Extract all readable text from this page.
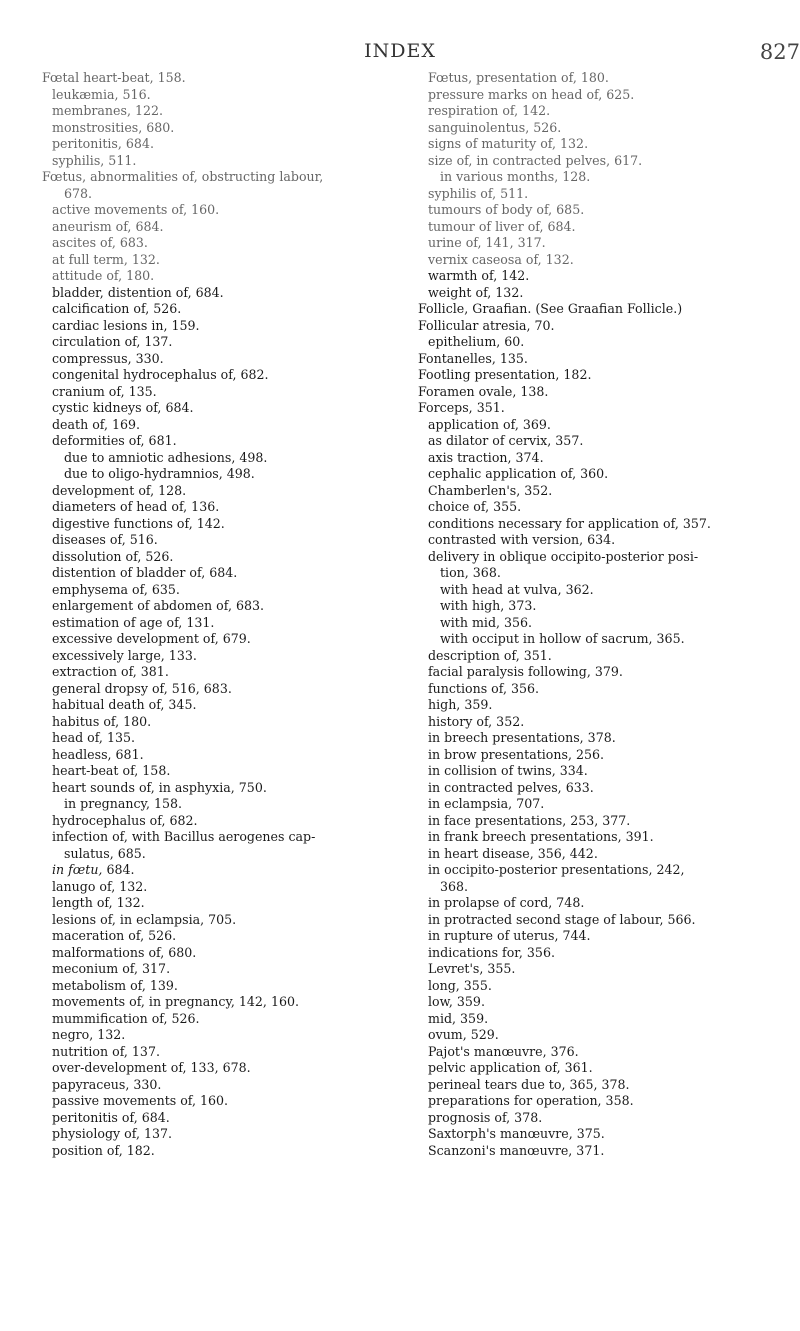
INDEX	827
Fœtal heart-beat, 158.
leukæmia, 516.
membranes, 122.
monstrosities, 680.
peritonitis, 684.
syphilis, 511.
Fœtus, abnormalities of, obstructing labour,
678.
active movements of, 160.
aneurism of, 684.
ascites of, 683.
at full term, 132.
attitude of, 180.
bladder, distention of, 684.
calcification of, 526.
cardiac lesions in, 159.
circulation of, 137.
compressus, 330.
congenital hydrocephalus of, 682.
cranium of, 135.
cystic kidneys of, 684.
death of, 169.
deformities of, 681.
due to amniotic adhesions, 498.
due to oligo-hydramnios, 498.
development of, 128.
diameters of head of, 136.
digestive functions of, 142.
diseases of, 516.
dissolution of, 526.
distention of bladder of, 684.
emphysema of, 635.
enlargement of abdomen of, 683.
estimation of age of, 131.
excessive development of, 679.
excessively large, 133.
extraction of, 381.
general dropsy of, 516, 683.
habitual death of, 345.
habitus of, 180.
head of, 135.
headless, 681.
heart-beat of, 158.
heart sounds of, in asphyxia, 750.
in pregnancy, 158.
hydrocephalus of, 682.
infection of, with Bacillus aerogenes cap-
sulatus, 685.
in fœtu, 684.
lanugo of, 132.
length of, 132.
lesions of, in eclampsia, 705.
maceration of, 526.
malformations of, 680.
meconium of, 317.
metabolism of, 139.
movements of, in pregnancy, 142, 160.
mummification of, 526.
negro, 132.
nutrition of, 137.
over-development of, 133, 678.
papyraceus, 330.
passive movements of, 160.
peritonitis of, 684.
physiology of, 137.
position of, 182.
Fœtus, presentation of, 180.
pressure marks on head of, 625.
respiration of, 142.
sanguinolentus, 526.
signs of maturity of, 132.
size of, in contracted pelves, 617.
in various months, 128.
syphilis of, 511.
tumours of body of, 685.
tumour of liver of, 684.
urine of, 141, 317.
vernix caseosa of, 132.
warmth of, 142.
weight of, 132.
Follicle, Graafian. (See Graafian Follicle.)
Follicular atresia, 70.
epithelium, 60.
Fontanelles, 135.
Footling presentation, 182.
Foramen ovale, 138.
Forceps, 351.
application of, 369.
as dilator of cervix, 357.
axis traction, 374.
cephalic application of, 360.
Chamberlen's, 352.
choice of, 355.
conditions necessary for application of, 357.
contrasted with version, 634.
delivery in oblique occipito-posterior posi-
tion, 368.
with head at vulva, 362.
with high, 373.
with mid, 356.
with occiput in hollow of sacrum, 365.
description of, 351.
facial paralysis following, 379.
functions of, 356.
high, 359.
history of, 352.
in breech presentations, 378.
in brow presentations, 256.
in collision of twins, 334.
in contracted pelves, 633.
in eclampsia, 707.
in face presentations, 253, 377.
in frank breech presentations, 391.
in heart disease, 356, 442.
in occipito-posterior presentations, 242,
368.
in prolapse of cord, 748.
in protracted second stage of labour, 566.
in rupture of uterus, 744.
indications for, 356.
Levret's, 355.
long, 355.
low, 359.
mid, 359.
ovum, 529.
Pajot's manœuvre, 376.
pelvic application of, 361.
perineal tears due to, 365, 378.
preparations for operation, 358.
prognosis of, 378.
Saxtorph's manœuvre, 375.
Scanzoni's manœuvre, 371.
